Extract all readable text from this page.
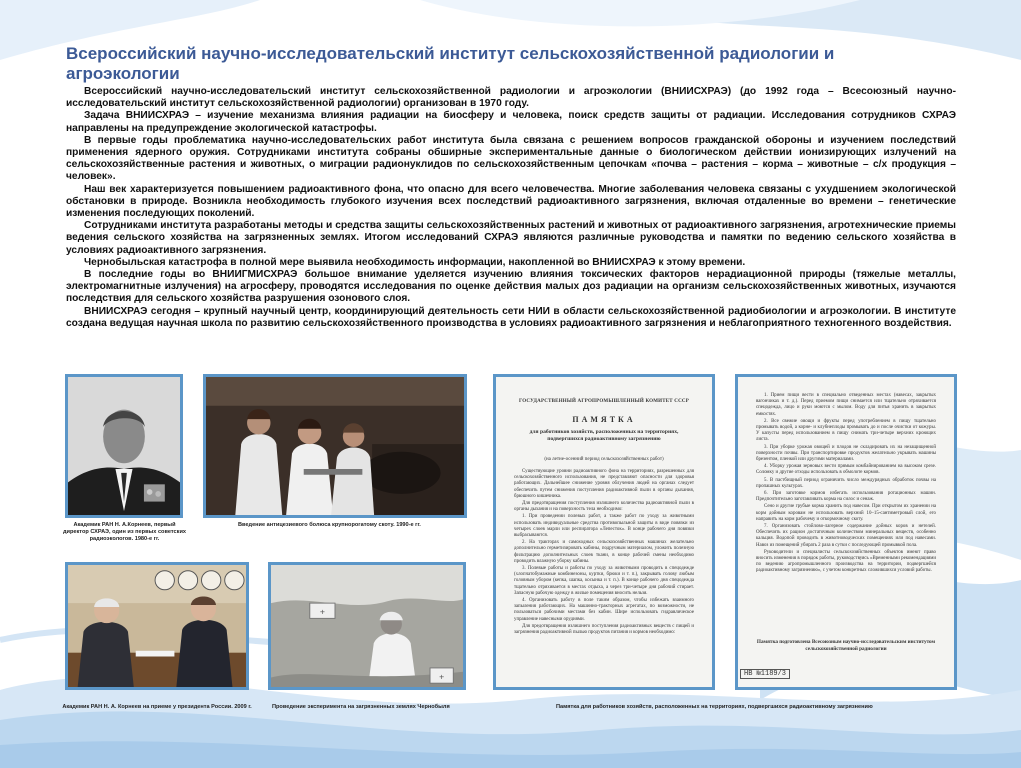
Всероссийский научно-исследовательский институт сельскохозяйственной радиологии и агроэкологии

Всероссийский научно-исследовательский институт сельскохозяйственной радиологии и агроэкологии (ВНИИСХРАЭ) (до 1992 года – Всесоюзный научно-исследовательский институт сельскохозяйственной радиологии) организован в 1970 году.

Задача ВНИИСХРАЭ – изучение механизма влияния радиации на биосферу и человека, поиск средств защиты от радиации. Исследования сотрудников СХРАЭ направлены на предупреждение экологической катастрофы.

В первые годы проблематика научно-исследовательских работ института была связана с решением вопросов гражданской обороны и изучением последствий применения ядерного оружия. Сотрудниками института собраны обширные экспериментальные данные о биологическом действии ионизирующих излучений на сельскохозяйственные растения и животных, о миграции радионуклидов по сельскохозяйственным цепочкам «почва – растения – корма – животные – с/х продукция – человек».

Наш век характеризуется повышением радиоактивного фона, что опасно для всего человечества. Многие заболевания человека связаны с ухудшением экологической обстановки в природе. Возникла необходимость глубокого изучения всех последствий радиоактивного загрязнения, включая отдаленные во времени – генетические изменения последующих поколений.

Сотрудниками института разработаны методы и средства защиты сельскохозяйственных растений и животных от радиоактивного загрязнения, агротехнические приемы ведения сельского хозяйства на загрязненных землях. Итогом исследований СХРАЭ являются различные руководства и памятки по ведению сельского хозяйства в условиях радиоактивного загрязнения.

Чернобыльская катастрофа в полной мере выявила необходимость информации, накопленной во ВНИИСХРАЭ к этому времени.

В последние годы во ВНИИГМИСХРАЭ большое внимание уделяется изучению влияния токсических факторов нерадиационной природы (тяжелые металлы, электромагнитные излучения) на агросферу, проводятся исследования по оценке действия малых доз радиации на организм сельскохозяйственных животных, изучаются последствия для сельского хозяйства разрушения озонового слоя.

ВНИИСХРАЭ сегодня – крупный научный центр, координирующий деятельность сети НИИ в области сельскохозяйственной радиобиологии и агроэкологии. В институте создана ведущая научная школа по развитию сельскохозяйственного производства в условиях радиоактивного загрязнения и неблагоприятного техногенного воздействия.

Академик РАН Н. А.Корнеев, первый директор СХРАЭ, один из первых советских радиоэкологов. 1980-е гг.
Введение антицезиевого болюса крупнорогатому скоту. 1990-е гг.
Академик РАН Н. А. Корнеев на приеме у президента России. 2009 г.
+
+
Проведение эксперимента на загрязненных землях Чернобыля
ГОСУДАРСТВЕННЫЙ АГРОПРОМЫШЛЕННЫЙ КОМИТЕТ СССР
ПАМЯТКА
для работников хозяйств, расположенных на территориях, подвергшихся радиоактивному загрязнению
(на летне-осенний период сельскохозяйственных работ)

Существующие уровни радиоактивного фона на территориях, разрешенных для сельскохозяйственного использования, не представляют опасности для здоровья работающих. Дальнейшее снижение уровня облучения людей на органах следует обеспечить путем снижения поступления радиоактивной пыли в органы дыхания, брюшного кишечника.

Для предотвращения поступления излишнего количества радиоактивной пыли в органы дыхания и на поверхность тела необходимо:

1. При проведении полевых работ, а также работ по уходу за животными использовать индивидуальные средства противопыльной защиты в виде повязки из четырех слоев марли или респиратора «Лепесток». В конце рабочего дня повязки выбрасываются.

2. На тракторах и самоходных сельскохозяйственных машинах желательно дополнительно герметизировать кабины, подручным материалом, уложить полезную фильтрацию дополнительных слоев ткани, в конце рабочей смены необходимо проводить влажную уборку кабины.

3. Полевые работы и работы по уходу за животными проводить в спецодежде (хлопчатобумажные комбинезоны, куртки, брюки и т. п.), закрывать голову любым головным убором (кепка, шапка, косынка и т. п.). В конце рабочего дня спецодежда тщательно отряхивается в местах отдыха, а через три-четыре дня рабочий стирает. Запасную рабочую одежду в жилые помещения вносить нельзя.

4. Организовать работу в поле таким образом, чтобы избежать взаимного запыления работающих. На машинно-тракторных агрегатах, по возможности, не пользоваться рабочими местами без кабин. Шире использовать гидравлическое управление навесными орудиями.

Для предотвращения излишнего поступления радиоактивных веществ с пищей и загрязнения радиоактивной пылью продуктов питания и кормов необходимо:

1. Прием пищи вести в специально отведенных местах (навесах, закрытых вагончиках и т. д.). Перед приемом пищи снимается или тщательно отряхивается спецодежда, лицо и руки моются с мылом. Воду для питья хранить в закрытых емкостях.

2. Все свежие овощи и фрукты перед употреблением в пищу тщательно промывать водой, а корне- и клубнеплоды промывать до и после очистки от кожуры. У капусты перед использованием в пищу снимать три-четыре верхних кроющих листа.

3. При уборке урожая овощей и плодов не складировать их на незащищенной поверхности почвы. При транспортировке продуктов желательно укрывать машины брезентом, пленкой или другими материалами.

4. Уборку урожая зерновых вести прямым комбайнированием на высоком срезе. Соломку и другие отходы использовать в обмолоте кормов.

5. В пастбищный период ограничить число междурядных обработок почвы на пропашных культурах.

6. При заготовке кормов избегать использования ротационных машин. Предпочтительно заготавливать корма на силос и сенаж.

Сено и другие грубые корма хранить под навесом. При открытом их хранении на корм дойным коровам не использовать верхний 10–15-сантиметровый слой, его направить на корм рабочему и откормочному скоту.

7. Организовать стойлово-лагерное содержание дойных коров и нетелей. Обеспечить их рацион достаточным количеством минеральных веществ, особенно кальция. Водопой проводить в животноводческих помещениях или под навесами. Навоз из помещений убирать 2 раза в сутки с последующей промывкой пола.

Руководители и специалисты сельскохозяйственных объектов имеют право вносить изменения в порядок работы, руководствуясь «Временными рекомендациями по ведению агропромышленного производства на территории, подвергшейся радиоактивному загрязнению», с учетом конкретных сложившихся условий работы.

Памятка подготовлена Всесоюзным научно-исследовательским институтом сельскохозяйственной радиологии
НВ №1189/3
Памятка для работников хозяйств, расположенных на территориях, подвергшихся радиоактивному загрязнению
